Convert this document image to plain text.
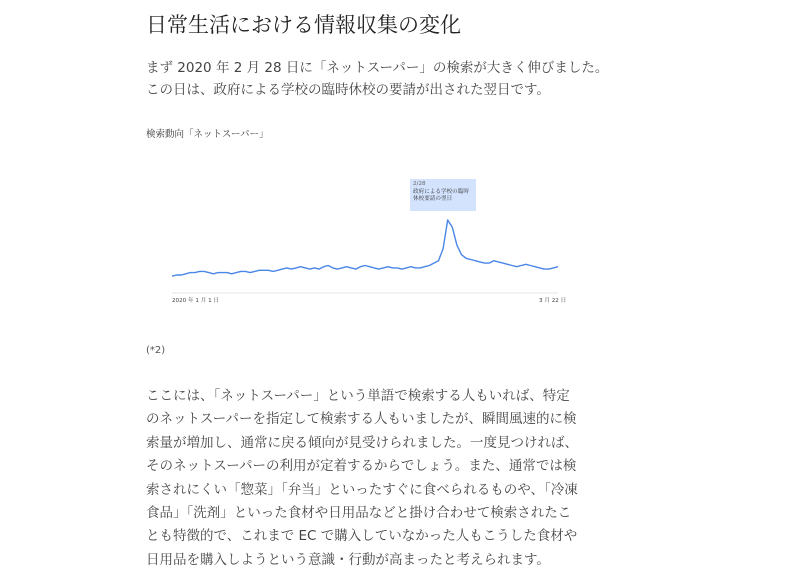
日常生活における情報収集の変化
まず 2020 年 2 月 28 日に「ネットスーパー」の検索が大きく伸びました。
この日は、政府による学校の臨時休校の要請が出された翌日です。
検索動向「ネットスーパー」
2/28
政府による学校の臨時休校要請の翌日
2020 年 1 月 1 日	3 月 22 日
(*2)
ここには、「ネットスーパー」という単語で検索する人もいれば、特定のネットスーパーを指定して検索する人もいましたが、瞬間風速的に検索量が増加し、通常に戻る傾向が見受けられました。一度見つければ、そのネットスーパーの利用が定着するからでしょう。また、通常では検索されにくい「惣菜」「弁当」といったすぐに食べられるものや、「冷凍食品」「洗剤」といった食材や日用品などと掛け合わせて検索されたことも特徴的で、これまで EC で購入していなかった人もこうした食材や日用品を購入しようという意識・行動が高まったと考えられます。
